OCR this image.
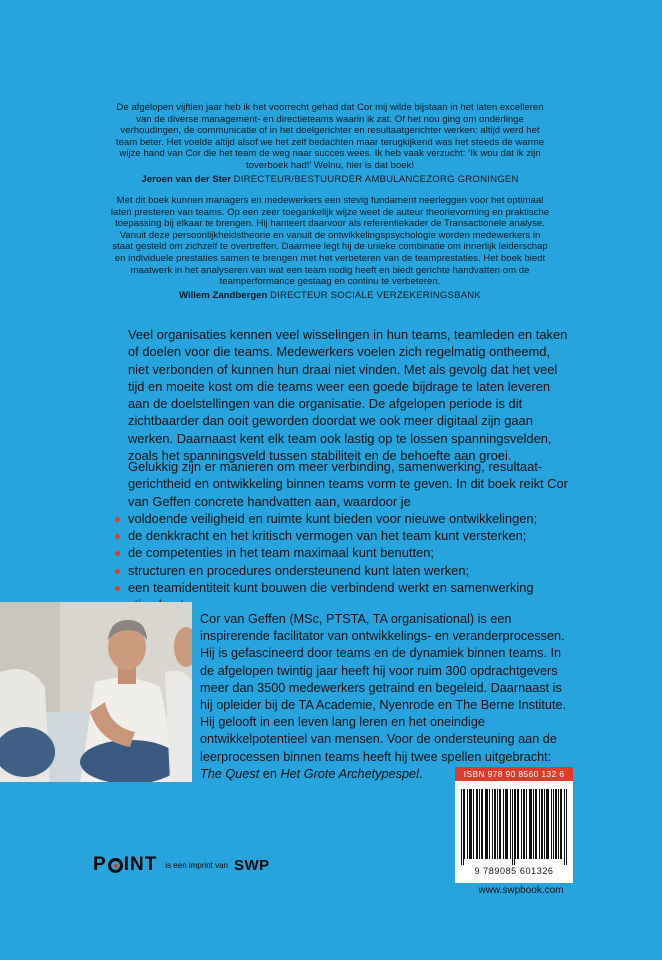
De afgelopen vijftien jaar heb ik het voorrecht gehad dat Cor mij wilde bijstaan in het laten excelleren van de diverse management- en directieteams waarin ik zat. Of het nou ging om onderlinge verhoudingen, de communicatie of in het doelgerichter en resultaatgerichter werken: altijd werd het team beter. Het voelde altijd alsof we het zelf bedachten maar terugkijkend was het steeds de warme wijze hand van Cor die het team de weg naar succes wees. Ik heb vaak verzucht: ‘Ik wou dat ik zijn toverboek had!’ Welnu, hier is dat boek!

Jeroen van der Ster DIRECTEUR/BESTUURDER AMBULANCEZORG GRONINGEN

Met dit boek kunnen managers en medewerkers een stevig fundament neerleggen voor het optimaal laten presteren van teams. Op een zeer toegankelijk wijze weet de auteur theorievorming en praktische toepassing bij elkaar te brengen. Hij hanteert daarvoor als referentiekader de Transactionele analyse. Vanuit deze persoonlijkheidstheorie en vanuit de ontwikkelingspsychologie worden medewerkers in staat gesteld om zichzelf te overtreffen. Daarmee legt hij de unieke combinatie om innerlijk leiderschap en individuele prestaties samen te brengen met het verbeteren van de teamprestaties. Het boek biedt maatwerk in het analyseren van wat een team nodig heeft en biedt gerichte handvatten om de teamperformance gestaag en continu te verbeteren.

Willem Zandbergen DIRECTEUR SOCIALE VERZEKERINGSBANK

Veel organisaties kennen veel wisselingen in hun teams, teamleden en taken of doelen voor die teams. Medewerkers voelen zich regelmatig ontheemd, niet verbonden of kunnen hun draai niet vinden. Met als gevolg dat het veel tijd en moeite kost om die teams weer een goede bijdrage te laten leveren aan de doelstellingen van die organisatie. De afgelopen periode is dit zichtbaarder dan ooit geworden doordat we ook meer digitaal zijn gaan werken. Daarnaast kent elk team ook lastig op te lossen spanningsvelden, zoals het spanningsveld tussen stabiliteit en de behoefte aan groei.

Gelukkig zijn er manieren om meer verbinding, samenwerking, resultaat-gerichtheid en ontwikkeling binnen teams vorm te geven. In dit boek reikt Cor van Geffen concrete handvatten aan, waardoor je

voldoende veiligheid en ruimte kunt bieden voor nieuwe ontwikkelingen;
de denkkracht en het kritisch vermogen van het team kunt versterken;
de competenties in het team maximaal kunt benutten;
structuren en procedures ondersteunend kunt laten werken;
een teamidentiteit kunt bouwen die verbindend werkt en samenwerking
Cor van Geffen (MSc, PTSTA, TA organisational) is een inspirerende facilitator van ontwikkelings- en veranderprocessen. Hij is gefascineerd door teams en de dynamiek binnen teams. In de afgelopen twintig jaar heeft hij voor ruim 300 opdrachtgevers meer dan 3500 medewerkers getraind en begeleid. Daarnaast is hij opleider bij de TA Academie, Nyenrode en The Berne Institute. Hij gelooft in een leven lang leren en het oneindige ontwikkelpotentieel van mensen. Voor de ondersteuning aan de leerprocessen binnen teams heeft hij twee spellen uitgebracht: The Quest en Het Grote Archetypespel.	ISBN 978 90 8560 132 6
9 789085 601326
www.swpbook.com
P INT is een imprint van SWP
